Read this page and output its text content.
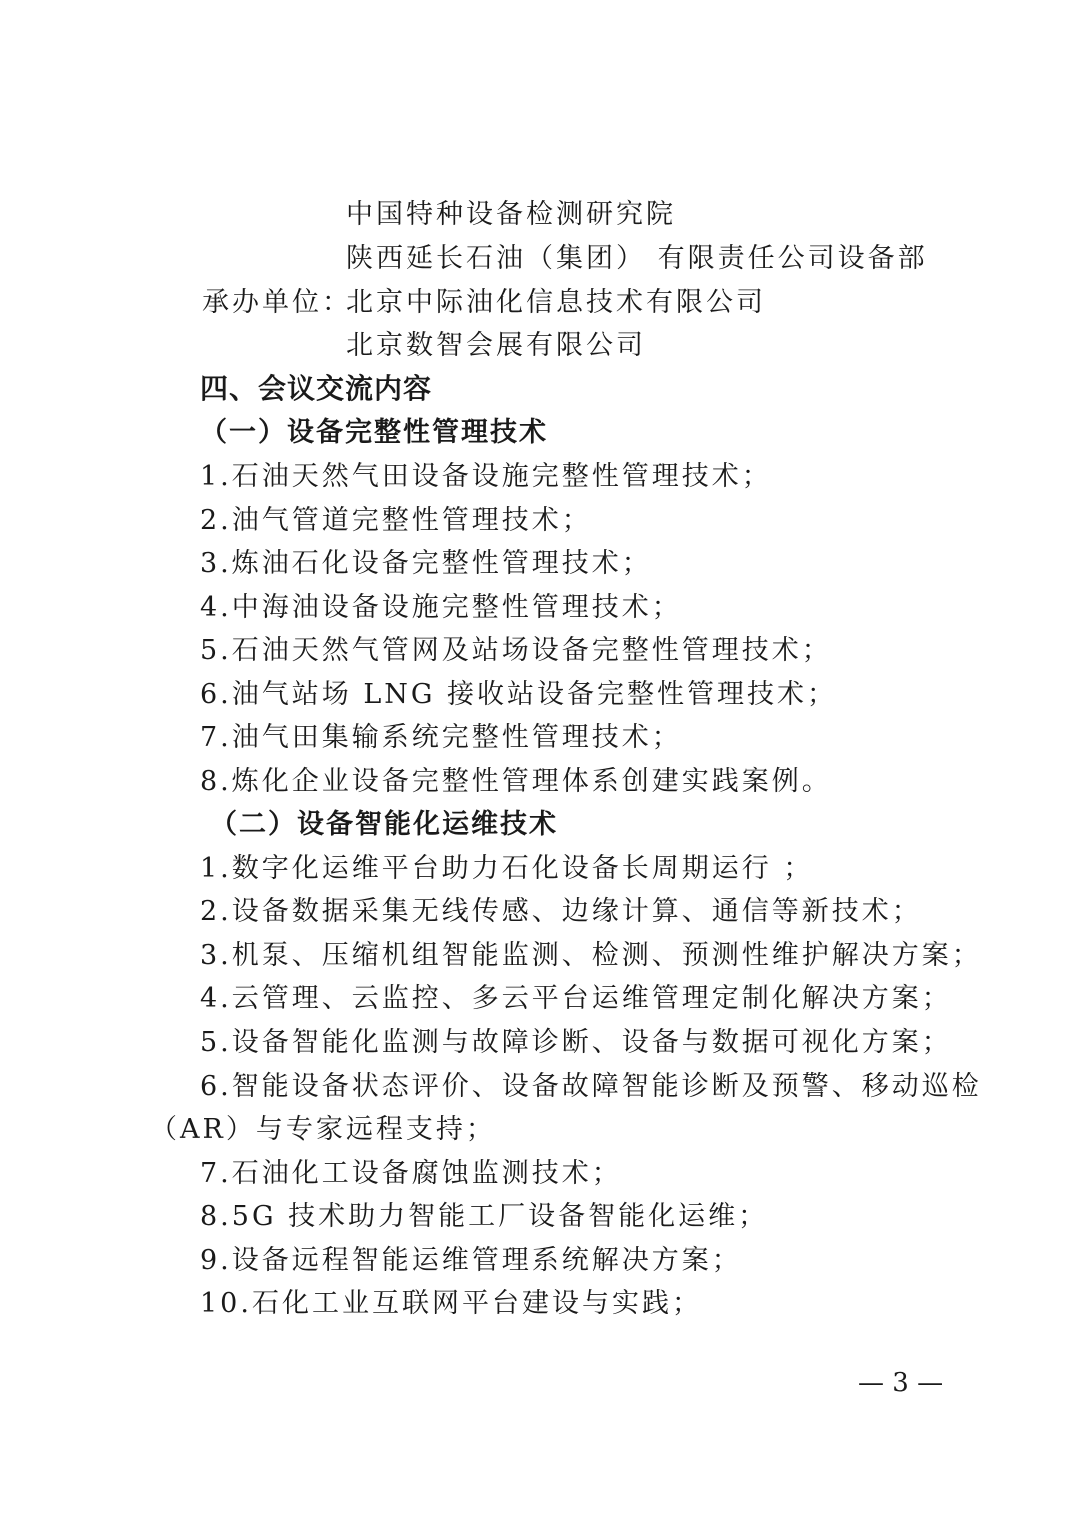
中国特种设备检测研究院
陕西延长石油（集团） 有限责任公司设备部
承办单位：
北京中际油化信息技术有限公司
北京数智会展有限公司
四、会议交流内容
（一）设备完整性管理技术
1.石油天然气田设备设施完整性管理技术；
2.油气管道完整性管理技术；
3.炼油石化设备完整性管理技术；
4.中海油设备设施完整性管理技术；
5.石油天然气管网及站场设备完整性管理技术；
6.油气站场 LNG 接收站设备完整性管理技术；
7.油气田集输系统完整性管理技术；
8.炼化企业设备完整性管理体系创建实践案例。
（二）设备智能化运维技术
1.数字化运维平台助力石化设备长周期运行 ；
2.设备数据采集无线传感、边缘计算、通信等新技术；
3.机泵、压缩机组智能监测、检测、预测性维护解决方案；
4.云管理、云监控、多云平台运维管理定制化解决方案；
5.设备智能化监测与故障诊断、设备与数据可视化方案；
6.智能设备状态评价、设备故障智能诊断及预警、移动巡检
（AR）与专家远程支持；
7.石油化工设备腐蚀监测技术；
8.5G 技术助力智能工厂设备智能化运维；
9.设备远程智能运维管理系统解决方案；
10.石化工业互联网平台建设与实践；
— 3 —
